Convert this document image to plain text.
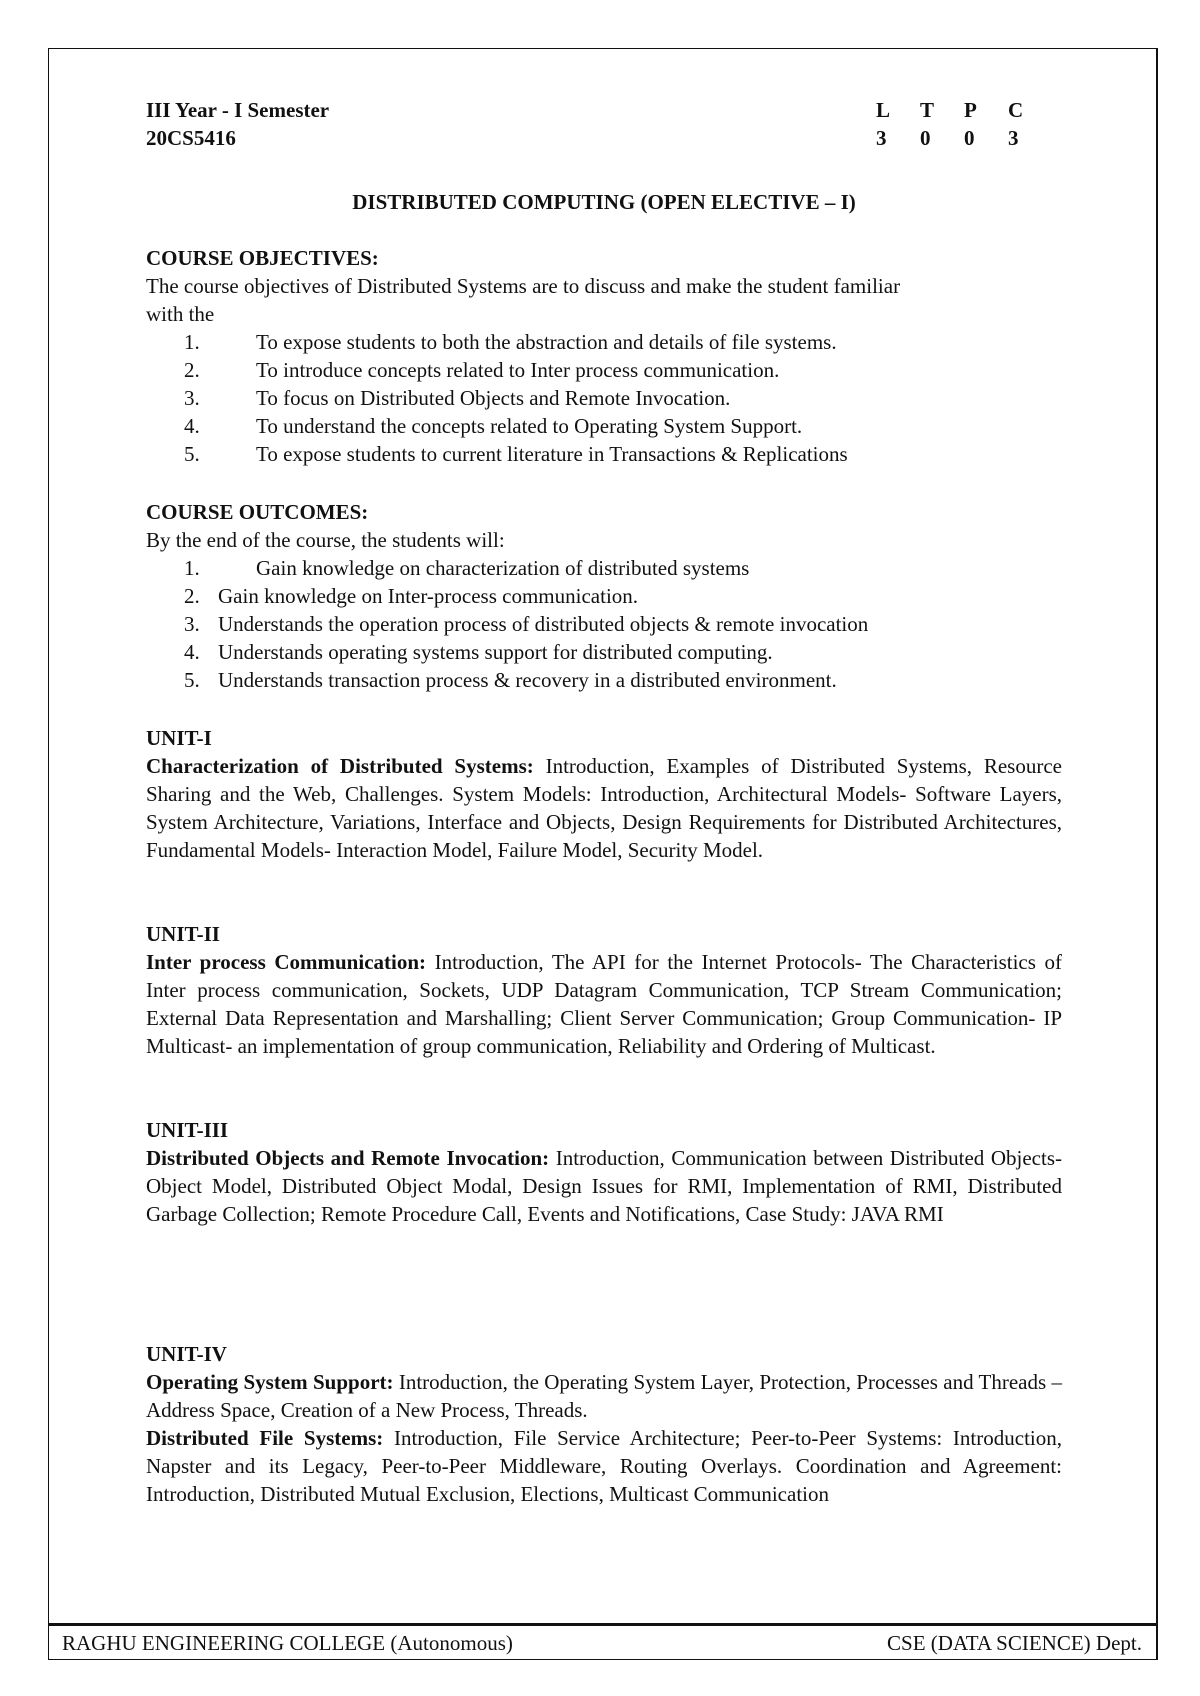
III Year - I Semester
20CS5416
L	T	P	C
3	0	0	3
DISTRIBUTED COMPUTING (OPEN ELECTIVE – I)
COURSE OBJECTIVES:
The course objectives of Distributed Systems are to discuss and make the student familiar
with the
1.	To expose students to both the abstraction and details of file systems.
2.	To introduce concepts related to Inter process communication.
3.	To focus on Distributed Objects and Remote Invocation.
4.	To understand the concepts related to Operating System Support.
5.	To expose students to current literature in Transactions & Replications
COURSE OUTCOMES:
By the end of the course, the students will:
1.	Gain knowledge on characterization of distributed systems
2. Gain knowledge on Inter-process communication.
3. Understands the operation process of distributed objects & remote invocation
4. Understands operating systems support for distributed computing.
5. Understands transaction process & recovery in a distributed environment.
UNIT-I
Characterization of Distributed Systems: Introduction, Examples of Distributed Systems, Resource Sharing and the Web, Challenges. System Models: Introduction, Architectural Models- Software Layers, System Architecture, Variations, Interface and Objects, Design Requirements for Distributed Architectures, Fundamental Models- Interaction Model, Failure Model, Security Model.
UNIT-II
Inter process Communication: Introduction, The API for the Internet Protocols- The Characteristics of Inter process communication, Sockets, UDP Datagram Communication, TCP Stream Communication; External Data Representation and Marshalling; Client Server Communication; Group Communication- IP Multicast- an implementation of group communication, Reliability and Ordering of Multicast.
UNIT-III
Distributed Objects and Remote Invocation: Introduction, Communication between Distributed Objects- Object Model, Distributed Object Modal, Design Issues for RMI, Implementation of RMI, Distributed Garbage Collection; Remote Procedure Call, Events and Notifications, Case Study: JAVA RMI
UNIT-IV
Operating System Support: Introduction, the Operating System Layer, Protection, Processes and Threads –Address Space, Creation of a New Process, Threads.
Distributed File Systems: Introduction, File Service Architecture; Peer-to-Peer Systems: Introduction, Napster and its Legacy, Peer-to-Peer Middleware, Routing Overlays. Coordination and Agreement: Introduction, Distributed Mutual Exclusion, Elections, Multicast Communication
RAGHU ENGINEERING COLLEGE (Autonomous)	CSE (DATA SCIENCE) Dept.
